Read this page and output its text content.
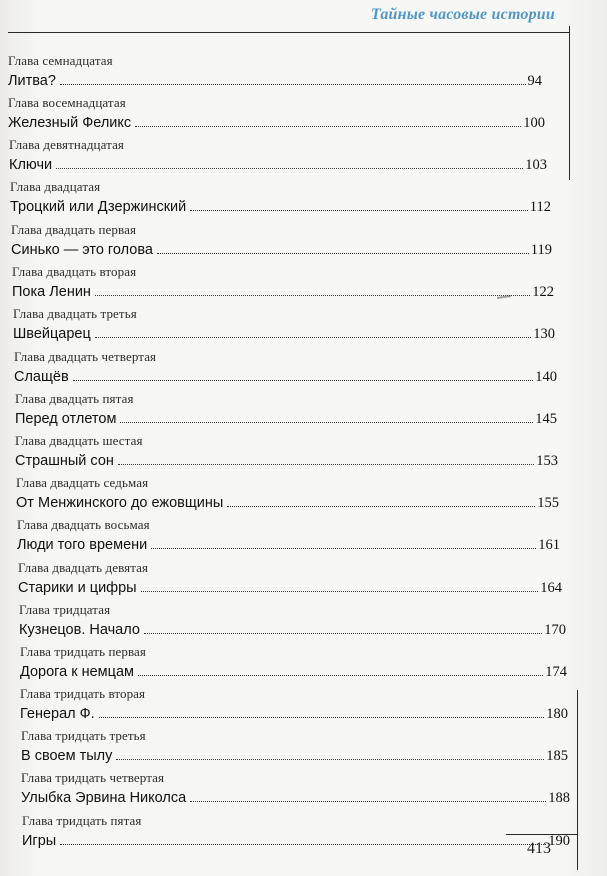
Тайные часовые истории
Глава семнадцатая
Литва?	94
Глава восемнадцатая
Железный Феликс	100
Глава девятнадцатая
Ключи	103
Глава двадцатая
Троцкий или Дзержинский	112
Глава двадцать первая
Синько — это голова	119
Глава двадцать вторая
Пока Ленин	122
Глава двадцать третья
Швейцарец	130
Глава двадцать четвертая
Слащёв	140
Глава двадцать пятая
Перед отлетом	145
Глава двадцать шестая
Страшный сон	153
Глава двадцать седьмая
От Менжинского до ежовщины	155
Глава двадцать восьмая
Люди того времени	161
Глава двадцать девятая
Старики и цифры	164
Глава тридцатая
Кузнецов. Начало	170
Глава тридцать первая
Дорога к немцам	174
Глава тридцать вторая
Генерал Ф.	180
Глава тридцать третья
В своем тылу	185
Глава тридцать четвертая
Улыбка Эрвина Николса	188
Глава тридцать пятая
Игры	190
413
